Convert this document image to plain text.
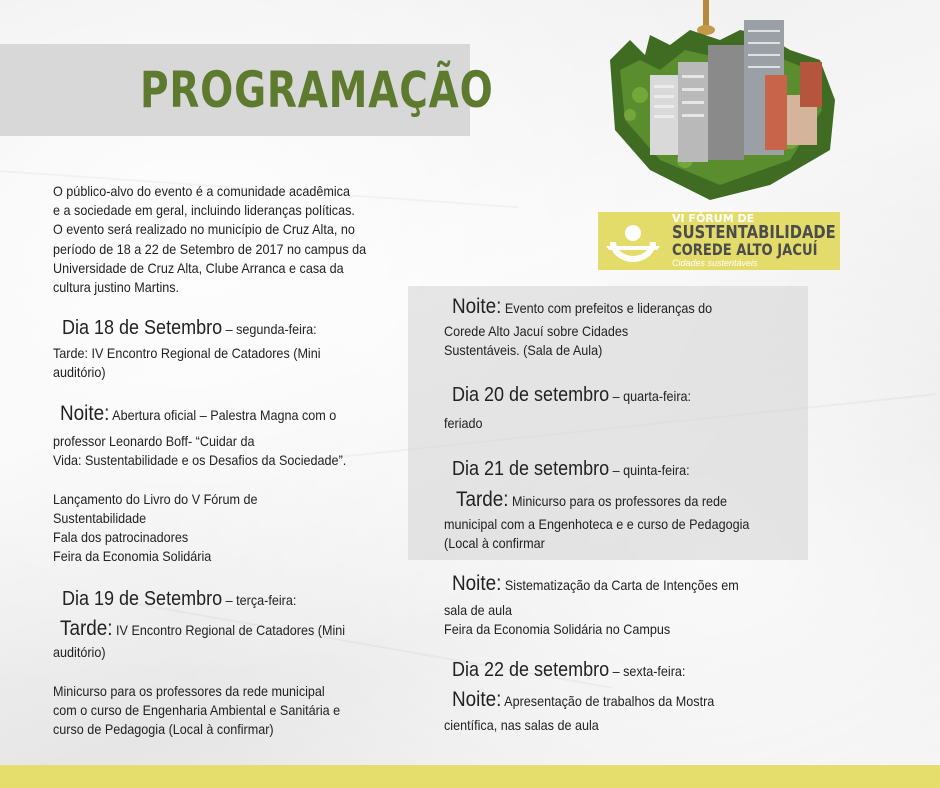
PROGRAMAÇÃO
VI FÓRUM DE
SUSTENTABILIDADE
COREDE ALTO JACUÍ
Cidades sustentáveis
O público-alvo do evento é a comunidade acadêmica
e a sociedade em geral, incluindo lideranças políticas.
O evento será realizado no município de Cruz Alta, no
período de 18 a 22 de Setembro de 2017 no campus da
Universidade de Cruz Alta, Clube Arranca e casa da
cultura justino Martins.
Dia 18 de Setembro – segunda-feira:
Tarde: IV Encontro Regional de Catadores (Mini
auditório)
Noite: Abertura oficial – Palestra Magna com o
professor Leonardo Boff- “Cuidar da
Vida: Sustentabilidade e os Desafios da Sociedade”.
Lançamento do Livro do V Fórum de
Sustentabilidade
Fala dos patrocinadores
Feira da Economia Solidária
Dia 19 de Setembro – terça-feira:
Tarde: IV Encontro Regional de Catadores (Mini
auditório)
Minicurso para os professores da rede municipal
com o curso de Engenharia Ambiental e Sanitária e
curso de Pedagogia (Local à confirmar)
Noite: Evento com prefeitos e lideranças do
Corede Alto Jacuí sobre Cidades
Sustentáveis. (Sala de Aula)
Dia 20 de setembro – quarta-feira:
feriado
Dia 21 de setembro – quinta-feira:
Tarde: Minicurso para os professores da rede
municipal com a Engenhoteca e e curso de Pedagogia
(Local à confirmar
Noite: Sistematização da Carta de Intenções em
sala de aula
Feira da Economia Solidária no Campus
Dia 22 de setembro – sexta-feira:
Noite: Apresentação de trabalhos da Mostra
científica, nas salas de aula
